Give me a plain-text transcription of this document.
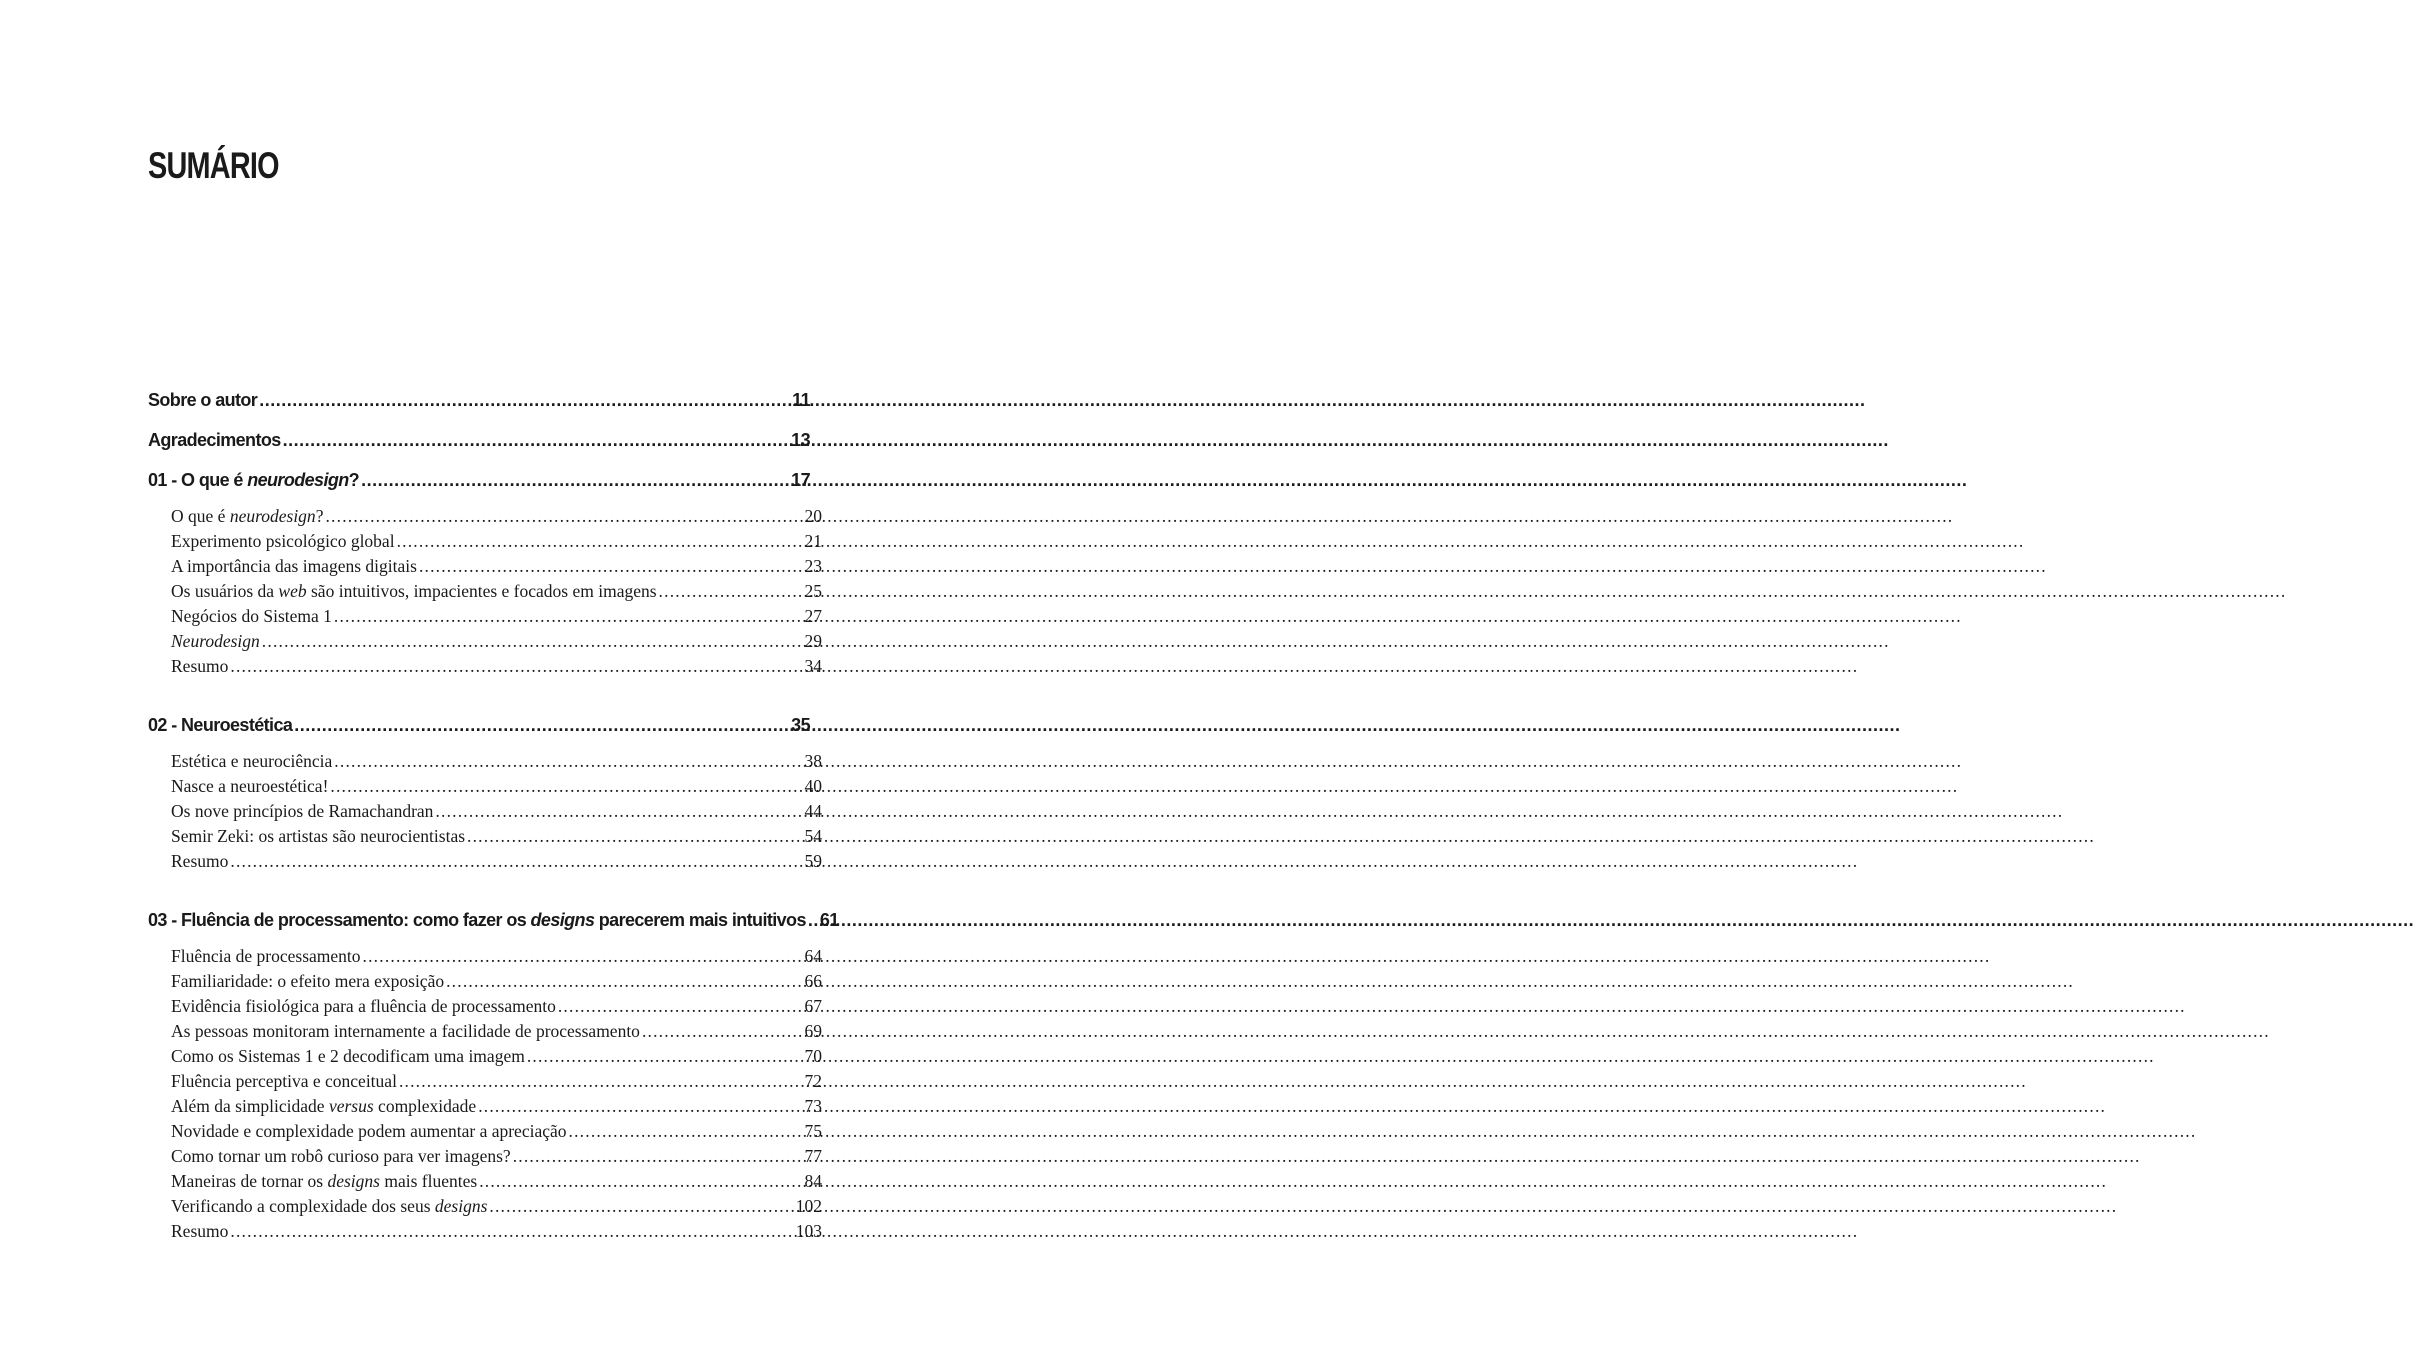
SUMÁRIO
Sobre o autor .....	11
Agradecimentos .....	13
01 - O que é neurodesign? .....	17
O que é neurodesign? .....	20
Experimento psicológico global .....	21
A importância das imagens digitais .....	23
Os usuários da web são intuitivos, impacientes e focados em imagens .....	25
Negócios do Sistema 1 .....	27
Neurodesign .....	29
Resumo .....	34
02 - Neuroestética .....	35
Estética e neurociência .....	38
Nasce a neuroestética! .....	40
Os nove princípios de Ramachandran .....	44
Semir Zeki: os artistas são neurocientistas .....	54
Resumo .....	59
03 - Fluência de processamento: como fazer os designs parecerem mais intuitivos ..... 61
Fluência de processamento .....	64
Familiaridade: o efeito mera exposição .....	66
Evidência fisiológica para a fluência de processamento .....	67
As pessoas monitoram internamente a facilidade de processamento .....	69
Como os Sistemas 1 e 2 decodificam uma imagem .....	70
Fluência perceptiva e conceitual .....	72
Além da simplicidade versus complexidade .....	73
Novidade e complexidade podem aumentar a apreciação .....	75
Como tornar um robô curioso para ver imagens? .....	77
Maneiras de tornar os designs mais fluentes .....	84
Verificando a complexidade dos seus designs .....	102
Resumo .....	103
